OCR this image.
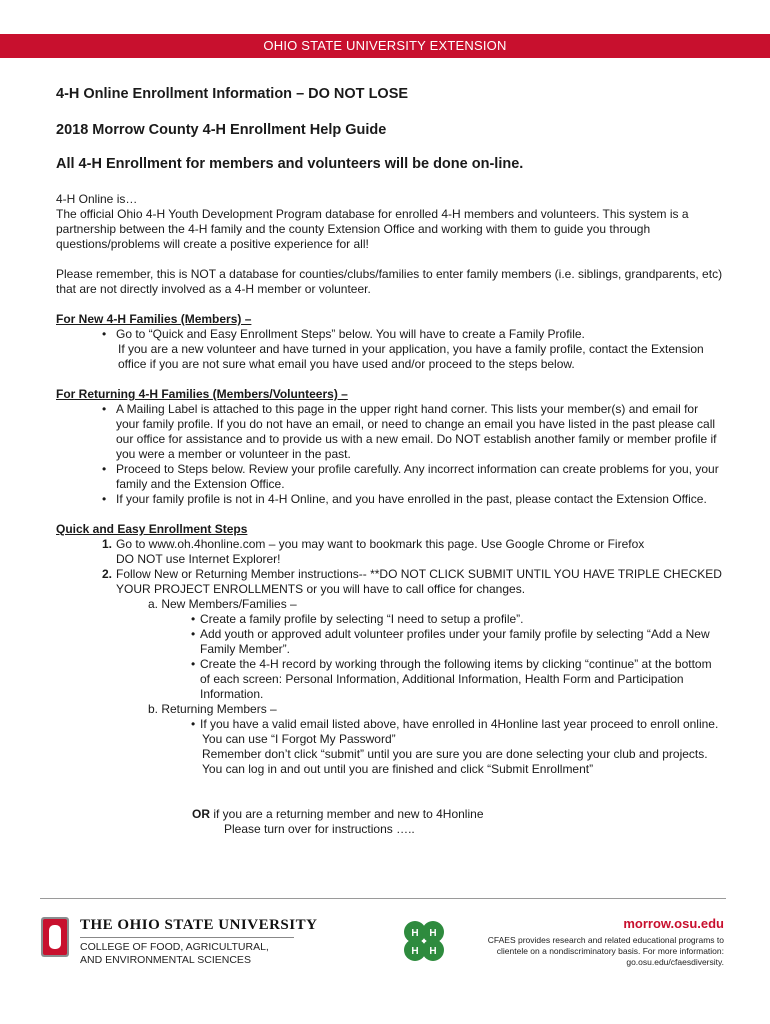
OHIO STATE UNIVERSITY EXTENSION
4-H Online Enrollment Information – DO NOT LOSE
2018 Morrow County 4-H Enrollment Help Guide
All 4-H Enrollment for members and volunteers will be done on-line.

4-H Online is…

The official Ohio 4-H Youth Development Program database for enrolled 4-H members and volunteers. This system is a partnership between the 4-H family and the county Extension Office and working with them to guide you through questions/problems will create a positive experience for all!

Please remember, this is NOT a database for counties/clubs/families to enter family members (i.e. siblings, grandparents, etc) that are not directly involved as a 4-H member or volunteer.

For New 4-H Families (Members) –

• Go to “Quick and Easy Enrollment Steps” below. You will have to create a Family Profile.

If you are a new volunteer and have turned in your application, you have a family profile, contact the Extension office if you are not sure what email you have used and/or proceed to the steps below.

For Returning 4-H Families (Members/Volunteers) –

• A Mailing Label is attached to this page in the upper right hand corner. This lists your member(s) and email for your family profile. If you do not have an email, or need to change an email you have listed in the past please call our office for assistance and to provide us with a new email. Do NOT establish another family or member profile if you were a member or volunteer in the past.
• Proceed to Steps below. Review your profile carefully. Any incorrect information can create problems for you, your family and the Extension Office.
• If your family profile is not in 4-H Online, and you have enrolled in the past, please contact the Extension Office.

Quick and Easy Enrollment Steps

1. Go to www.oh.4honline.com – you may want to bookmark this page. Use Google Chrome or Firefox
DO NOT use Internet Explorer!
2. Follow New or Returning Member instructions-- **DO NOT CLICK SUBMIT UNTIL YOU HAVE TRIPLE CHECKED YOUR PROJECT ENROLLMENTS or you will have to call office for changes.

a. New Members/Families –

• Create a family profile by selecting “I need to setup a profile”.

• Add youth or approved adult volunteer profiles under your family profile by selecting “Add a New Family Member”.

• Create the 4-H record by working through the following items by clicking “continue” at the bottom of each screen: Personal Information, Additional Information, Health Form and Participation Information.

b. Returning Members –

• If you have a valid email listed above, have enrolled in 4Honline last year proceed to enroll online.

You can use “I Forgot My Password”

Remember don’t click “submit” until you are sure you are done selecting your club and projects. You can log in and out until you are finished and click “Submit Enrollment”

OR if you are a returning member and new to 4Honline

Please turn over for instructions …..

THE OHIO STATE UNIVERSITY
COLLEGE OF FOOD, AGRICULTURAL,
AND ENVIRONMENTAL SCIENCES
H H
H H
morrow.osu.edu
CFAES provides research and related educational programs to clientele on a nondiscriminatory basis. For more information: go.osu.edu/cfaesdiversity.
